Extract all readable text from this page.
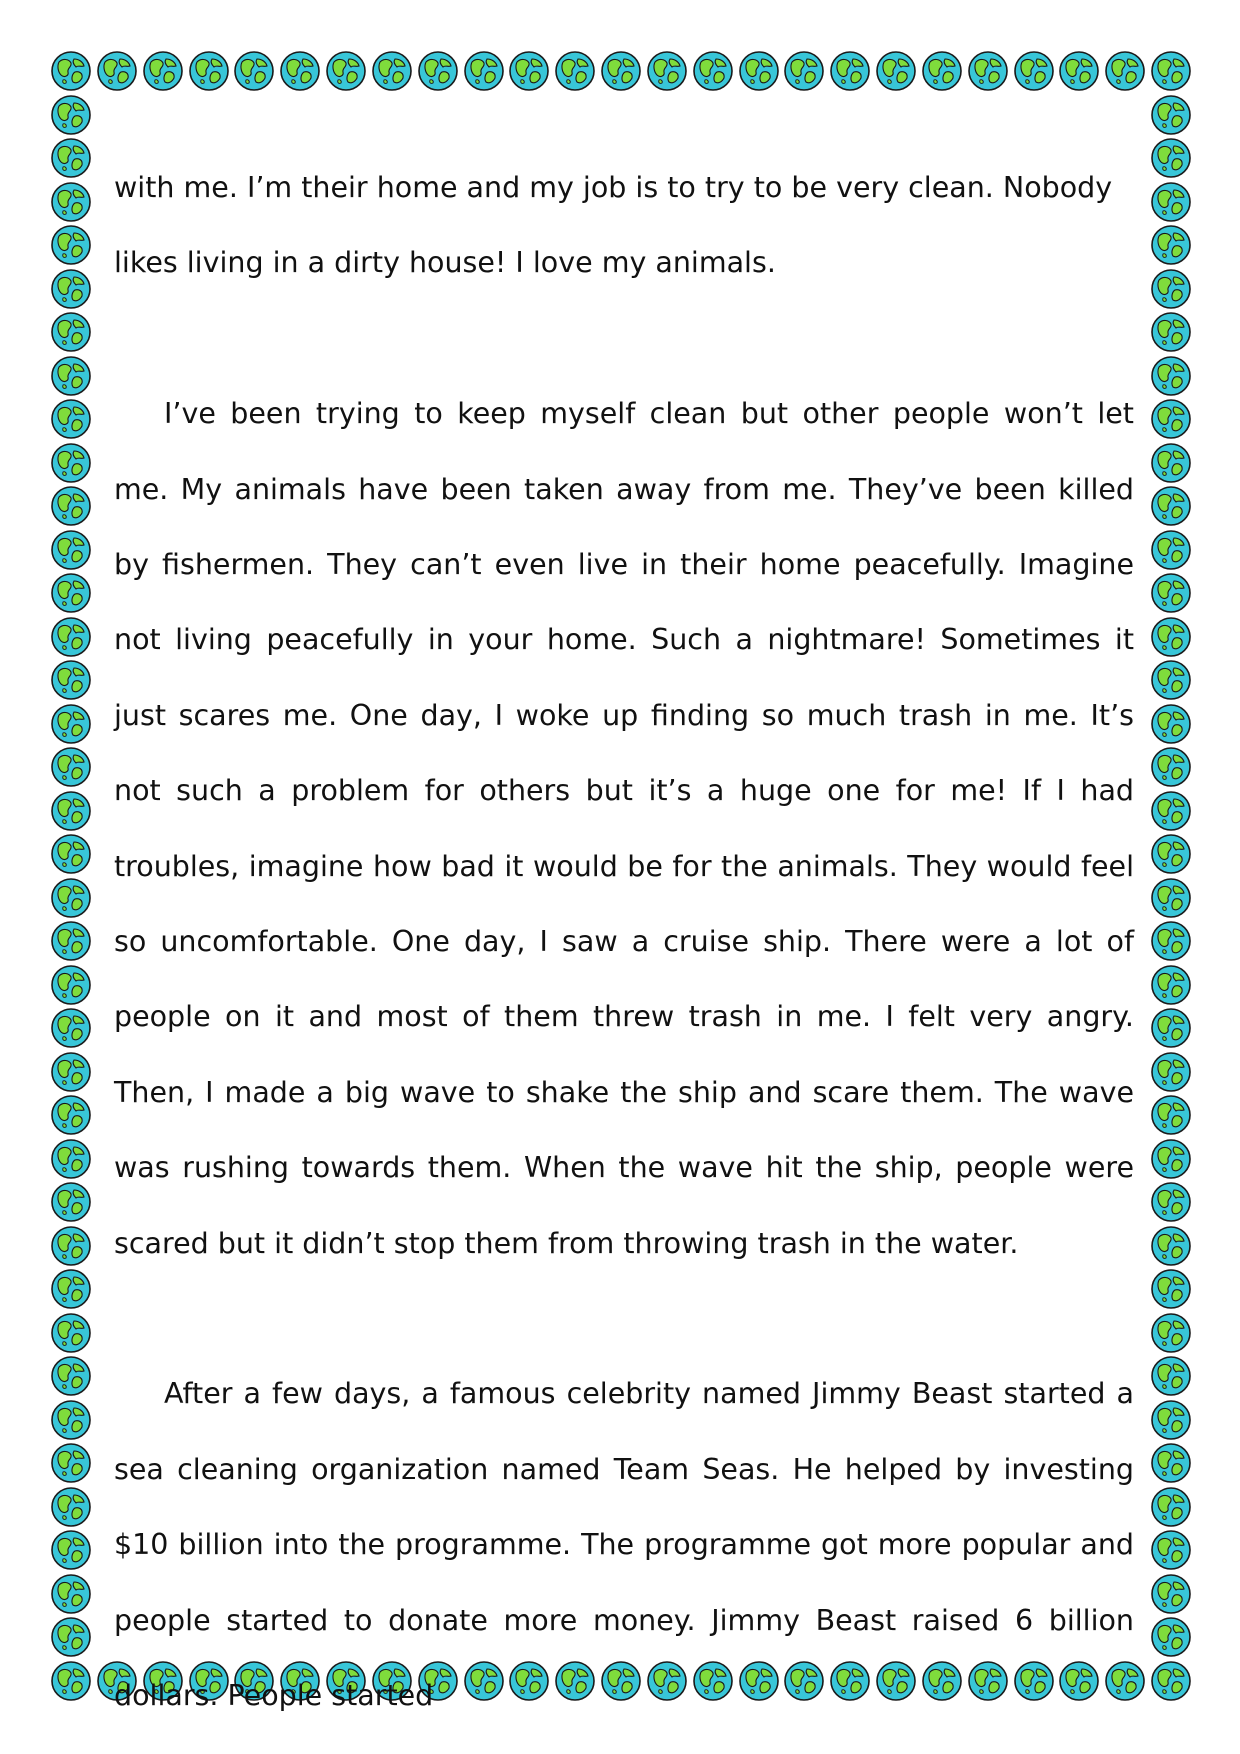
with me. I’m their home and my job is to try to be very clean. Nobody likes living in a dirty house! I love my animals.

I’ve been trying to keep myself clean but other people won’t let me. My animals have been taken away from me. They’ve been killed by fishermen. They can’t even live in their home peacefully. Imagine not living peacefully in your home. Such a nightmare! Sometimes it just scares me. One day, I woke up finding so much trash in me. It’s not such a problem for others but it’s a huge one for me! If I had troubles, imagine how bad it would be for the animals. They would feel so uncomfortable. One day, I saw a cruise ship. There were a lot of people on it and most of them threw trash in me. I felt very angry. Then, I made a big wave to shake the ship and scare them. The wave was rushing towards them. When the wave hit the ship, people were scared but it didn’t stop them from throwing trash in the water.

After a few days, a famous celebrity named Jimmy Beast started a sea cleaning organization named Team Seas. He helped by investing $10 billion into the programme. The programme got more popular and people started to donate more money. Jimmy Beast raised 6 billion dollars. People started
